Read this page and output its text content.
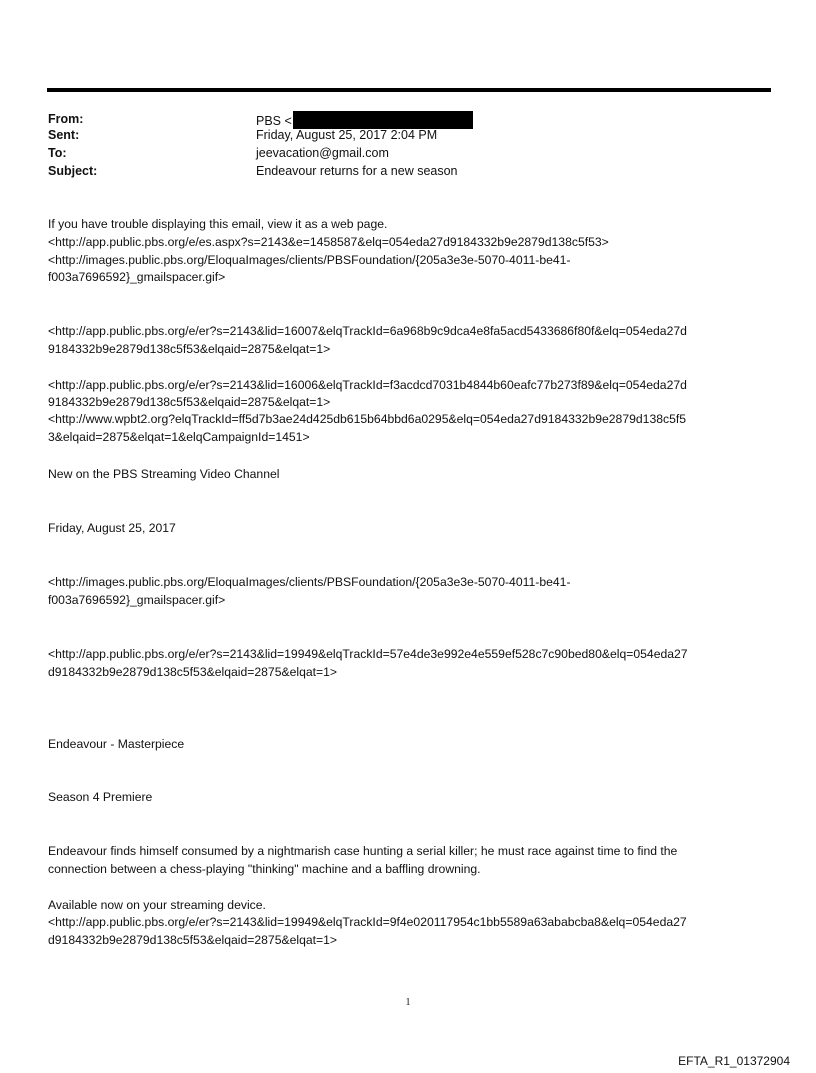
From:	PBS <
Sent:	Friday, August 25, 2017 2:04 PM
To:	jeevacation@gmail.com
Subject:	Endeavour returns for a new season
If you have trouble displaying this email, view it as a web page.
<http://app.public.pbs.org/e/es.aspx?s=2143&e=1458587&elq=054eda27d9184332b9e2879d138c5f53>
<http://images.public.pbs.org/EloquaImages/clients/PBSFoundation/{205a3e3e-5070-4011-be41-
f003a7696592}_gmailspacer.gif>
<http://app.public.pbs.org/e/er?s=2143&lid=16007&elqTrackId=6a968b9c9dca4e8fa5acd5433686f80f&elq=054eda27d
9184332b9e2879d138c5f53&elqaid=2875&elqat=1>
<http://app.public.pbs.org/e/er?s=2143&lid=16006&elqTrackId=f3acdcd7031b4844b60eafc77b273f89&elq=054eda27d
9184332b9e2879d138c5f53&elqaid=2875&elqat=1>
<http://www.wpbt2.org?elqTrackId=ff5d7b3ae24d425db615b64bbd6a0295&elq=054eda27d9184332b9e2879d138c5f5
3&elqaid=2875&elqat=1&elqCampaignId=1451>
New on the PBS Streaming Video Channel
Friday, August 25, 2017
<http://images.public.pbs.org/EloquaImages/clients/PBSFoundation/{205a3e3e-5070-4011-be41-
f003a7696592}_gmailspacer.gif>
<http://app.public.pbs.org/e/er?s=2143&lid=19949&elqTrackId=57e4de3e992e4e559ef528c7c90bed80&elq=054eda27
d9184332b9e2879d138c5f53&elqaid=2875&elqat=1>
Endeavour - Masterpiece
Season 4 Premiere
Endeavour finds himself consumed by a nightmarish case hunting a serial killer; he must race against time to find the
connection between a chess-playing "thinking" machine and a baffling drowning.
Available now on your streaming device.
<http://app.public.pbs.org/e/er?s=2143&lid=19949&elqTrackId=9f4e020117954c1bb5589a63ababcba8&elq=054eda27
d9184332b9e2879d138c5f53&elqaid=2875&elqat=1>
1
EFTA_R1_01372904
